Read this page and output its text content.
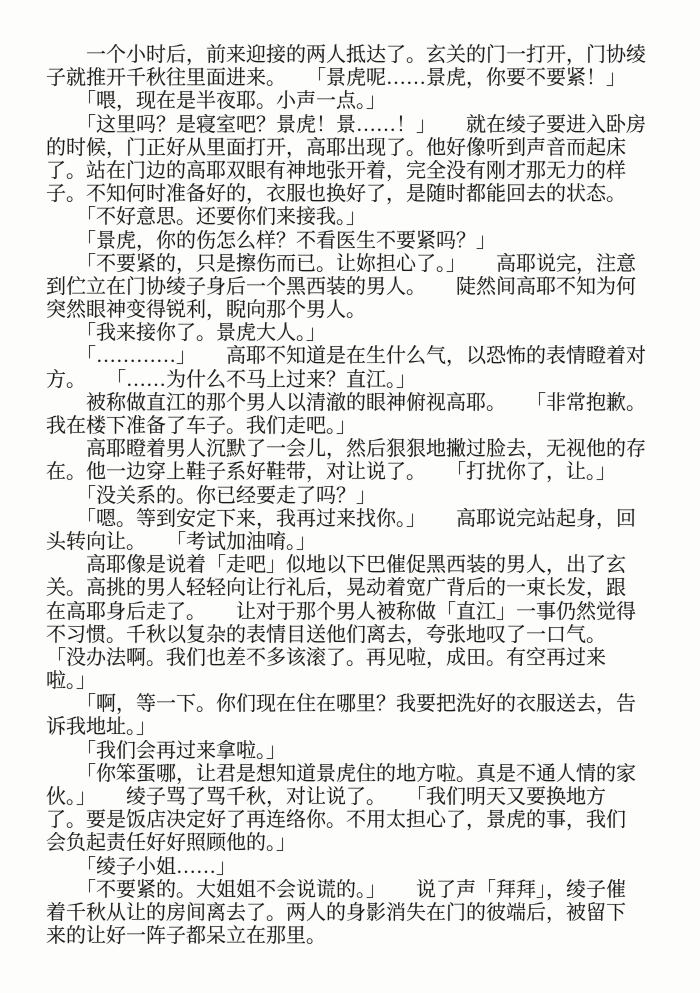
　　一个小时后，前来迎接的两人抵达了。玄关的门一打开，门协绫
子就推开千秋往里面进来。　　「景虎呢……景虎，你要不要紧！」
　　「喂，现在是半夜耶。小声一点。」
　　「这里吗？是寝室吧？景虎！景……！」　　就在绫子要进入卧房
的时候，门正好从里面打开，高耶出现了。他好像听到声音而起床
了。站在门边的高耶双眼有神地张开着，完全没有刚才那无力的样
子。不知何时准备好的，衣服也换好了，是随时都能回去的状态。
　　「不好意思。还要你们来接我。」
　　「景虎，你的伤怎么样？不看医生不要紧吗？」
　　「不要紧的，只是擦伤而已。让妳担心了。」　　高耶说完，注意
到伫立在门协绫子身后一个黑西装的男人。　　陡然间高耶不知为何
突然眼神变得锐利，睨向那个男人。
　　「我来接你了。景虎大人。」
　　「…………」　　高耶不知道是在生什么气，以恐怖的表情瞪着对
方。　　「……为什么不马上过来？直江。」
　　被称做直江的那个男人以清澈的眼神俯视高耶。　　「非常抱歉。
我在楼下准备了车子。我们走吧。」
　　高耶瞪着男人沉默了一会儿，然后狠狠地撇过脸去，无视他的存
在。他一边穿上鞋子系好鞋带，对让说了。　　「打扰你了，让。」
　　「没关系的。你已经要走了吗？」
　　「嗯。等到安定下来，我再过来找你。」　　高耶说完站起身，回
头转向让。　　「考试加油唷。」
　　高耶像是说着「走吧」似地以下巴催促黑西装的男人，出了玄
关。高挑的男人轻轻向让行礼后，晃动着宽广背后的一束长发，跟
在高耶身后走了。　　让对于那个男人被称做「直江」一事仍然觉得
不习惯。千秋以复杂的表情目送他们离去，夸张地叹了一口气。
「没办法啊。我们也差不多该滚了。再见啦，成田。有空再过来
啦。」
　　「啊，等一下。你们现在住在哪里？我要把洗好的衣服送去，告
诉我地址。」
　　「我们会再过来拿啦。」
　　「你笨蛋哪，让君是想知道景虎住的地方啦。真是不通人情的家
伙。」　　绫子骂了骂千秋，对让说了。　　「我们明天又要换地方
了。要是饭店决定好了再连络你。不用太担心了，景虎的事，我们
会负起责任好好照顾他的。」
　　「绫子小姐……」
　　「不要紧的。大姐姐不会说谎的。」　　说了声「拜拜」，绫子催
着千秋从让的房间离去了。两人的身影消失在门的彼端后，被留下
来的让好一阵子都呆立在那里。
